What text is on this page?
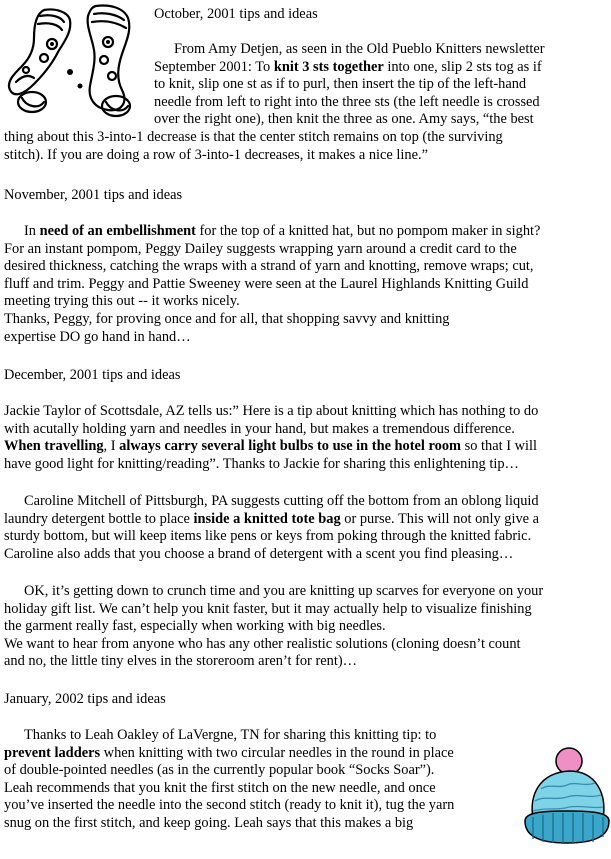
October, 2001 tips and ideas
From Amy Detjen, as seen in the Old Pueblo Knitters newsletter
September 2001: To knit 3 sts together into one, slip 2 sts tog as if
to knit, slip one st as if to purl, then insert the tip of the left-hand
needle from left to right into the three sts (the left needle is crossed
over the right one), then knit the three as one. Amy says, “the best
thing about this 3-into-1 decrease is that the center stitch remains on top (the surviving
stitch). If you are doing a row of 3-into-1 decreases, it makes a nice line.”
November, 2001 tips and ideas
In need of an embellishment for the top of a knitted hat, but no pompom maker in sight?
For an instant pompom, Peggy Dailey suggests wrapping yarn around a credit card to the
desired thickness, catching the wraps with a strand of yarn and knotting, remove wraps; cut,
fluff and trim. Peggy and Pattie Sweeney were seen at the Laurel Highlands Knitting Guild
meeting trying this out -- it works nicely.
Thanks, Peggy, for proving once and for all, that shopping savvy and knitting
expertise DO go hand in hand…
December, 2001 tips and ideas
Jackie Taylor of Scottsdale, AZ tells us:” Here is a tip about knitting which has nothing to do
with acutally holding yarn and needles in your hand, but makes a tremendous difference.
When travelling, I always carry several light bulbs to use in the hotel room so that I will
have good light for knitting/reading”. Thanks to Jackie for sharing this enlightening tip…
Caroline Mitchell of Pittsburgh, PA suggests cutting off the bottom from an oblong liquid
laundry detergent bottle to place inside a knitted tote bag or purse. This will not only give a
sturdy bottom, but will keep items like pens or keys from poking through the knitted fabric.
Caroline also adds that you choose a brand of detergent with a scent you find pleasing…
OK, it’s getting down to crunch time and you are knitting up scarves for everyone on your
holiday gift list. We can’t help you knit faster, but it may actually help to visualize finishing
the garment really fast, especially when working with big needles.
We want to hear from anyone who has any other realistic solutions (cloning doesn’t count
and no, the little tiny elves in the storeroom aren’t for rent)…
January, 2002 tips and ideas
Thanks to Leah Oakley of LaVergne, TN for sharing this knitting tip: to
prevent ladders when knitting with two circular needles in the round in place
of double-pointed needles (as in the currently popular book “Socks Soar”).
Leah recommends that you knit the first stitch on the new needle, and once
you’ve inserted the needle into the second stitch (ready to knit it), tug the yarn
snug on the first stitch, and keep going. Leah says that this makes a big
